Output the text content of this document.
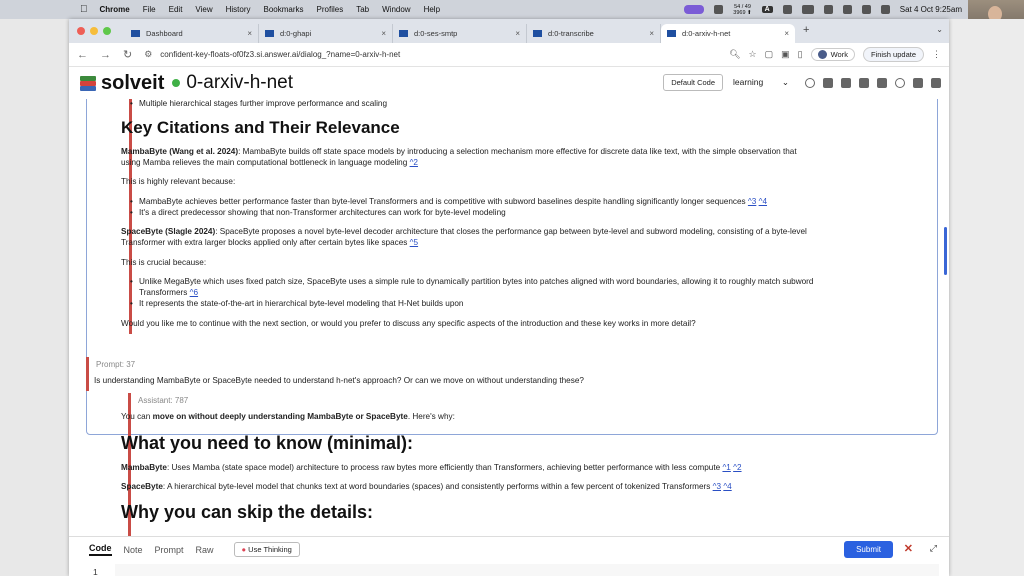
Chrome File Edit View History Bookmarks Profiles Tab Window Help	54 / 49
3969 ⬆	A	Sat 4 Oct 9:25am
Dashboard	×	d:0-ghapi	×	d:0-ses-smtp	×	d:0-transcribe	×	d:0-arxiv-h-net	× +	⌄
← → ↻ ⚙ confident-key-floats-of0fz3.si.answer.ai/dialog_?name=0-arxiv-h-net	🔍︎ ☆ ▢ ▣ ▯	Work	Finish update	⋮
solveit 0-arxiv-h-net	Default Code	learning ⌄
• Multiple hierarchical stages further improve performance and scaling
Key Citations and Their Relevance
MambaByte (Wang et al. 2024): MambaByte builds off state space models by introducing a selection mechanism more effective for discrete data like text, with the simple observation that
using Mamba relieves the main computational bottleneck in language modeling ^2
This is highly relevant because:
• MambaByte achieves better performance faster than byte-level Transformers and is competitive with subword baselines despite handling significantly longer sequences ^3 ^4
• It's a direct predecessor showing that non-Transformer architectures can work for byte-level modeling
SpaceByte (Slagle 2024): SpaceByte proposes a novel byte-level decoder architecture that closes the performance gap between byte-level and subword modeling, consisting of a byte-level
Transformer with extra larger blocks applied only after certain bytes like spaces ^5
This is crucial because:
• Unlike MegaByte which uses fixed patch size, SpaceByte uses a simple rule to dynamically partition bytes into patches aligned with word boundaries, allowing it to roughly match subword
Transformers ^6
• It represents the state-of-the-art in hierarchical byte-level modeling that H-Net builds upon
Would you like me to continue with the next section, or would you prefer to discuss any specific aspects of the introduction and these key works in more detail?
Prompt: 37
Is understanding MambaByte or SpaceByte needed to understand h-net's approach? Or can we move on without understanding these?
Assistant: 787
You can move on without deeply understanding MambaByte or SpaceByte. Here's why:
What you need to know (minimal):
MambaByte: Uses Mamba (state space model) architecture to process raw bytes more efficiently than Transformers, achieving better performance with less compute ^1 ^2
SpaceByte: A hierarchical byte-level model that chunks text at word boundaries (spaces) and consistently performs within a few percent of tokenized Transformers ^3 ^4
Why you can skip the details:
Code Note Prompt Raw	● Use Thinking	Submit	✕ ⤢
1
